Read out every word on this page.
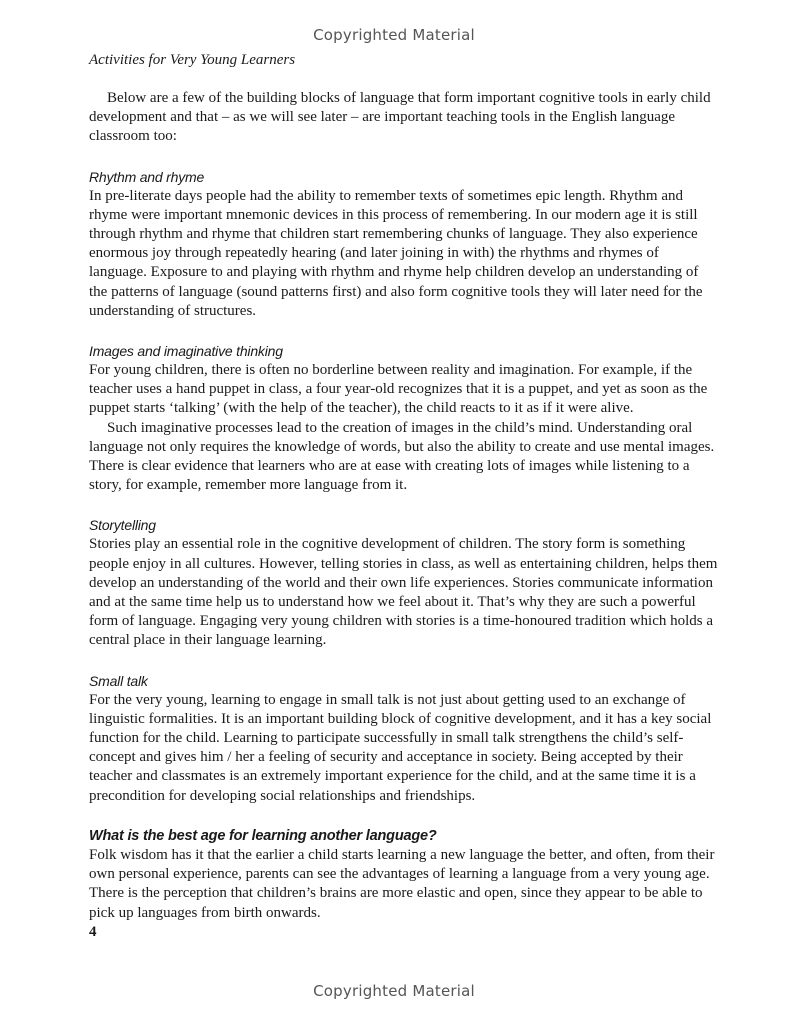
Copyrighted Material
Activities for Very Young Learners

Below are a few of the building blocks of language that form important cognitive tools in early child development and that – as we will see later – are important teaching tools in the English language classroom too:

Rhythm and rhyme

In pre-literate days people had the ability to remember texts of sometimes epic length. Rhythm and rhyme were important mnemonic devices in this process of remembering. In our modern age it is still through rhythm and rhyme that children start remembering chunks of language. They also experience enormous joy through repeatedly hearing (and later joining in with) the rhythms and rhymes of language. Exposure to and playing with rhythm and rhyme help children develop an understanding of the patterns of language (sound patterns first) and also form cognitive tools they will later need for the understanding of structures.

Images and imaginative thinking

For young children, there is often no borderline between reality and imagination. For example, if the teacher uses a hand puppet in class, a four year-old recognizes that it is a puppet, and yet as soon as the puppet starts ‘talking’ (with the help of the teacher), the child reacts to it as if it were alive.

Such imaginative processes lead to the creation of images in the child’s mind. Understanding oral language not only requires the knowledge of words, but also the ability to create and use mental images. There is clear evidence that learners who are at ease with creating lots of images while listening to a story, for example, remember more language from it.

Storytelling

Stories play an essential role in the cognitive development of children. The story form is something people enjoy in all cultures. However, telling stories in class, as well as entertaining children, helps them develop an understanding of the world and their own life experiences. Stories communicate information and at the same time help us to understand how we feel about it. That’s why they are such a powerful form of language. Engaging very young children with stories is a time-honoured tradition which holds a central place in their language learning.

Small talk

For the very young, learning to engage in small talk is not just about getting used to an exchange of linguistic formalities. It is an important building block of cognitive development, and it has a key social function for the child. Learning to participate successfully in small talk strengthens the child’s self-concept and gives him / her a feeling of security and acceptance in society. Being accepted by their teacher and classmates is an extremely important experience for the child, and at the same time it is a precondition for developing social relationships and friendships.

What is the best age for learning another language?

Folk wisdom has it that the earlier a child starts learning a new language the better, and often, from their own personal experience, parents can see the advantages of learning a language from a very young age. There is the perception that children’s brains are more elastic and open, since they appear to be able to pick up languages from birth onwards.

4
Copyrighted Material
